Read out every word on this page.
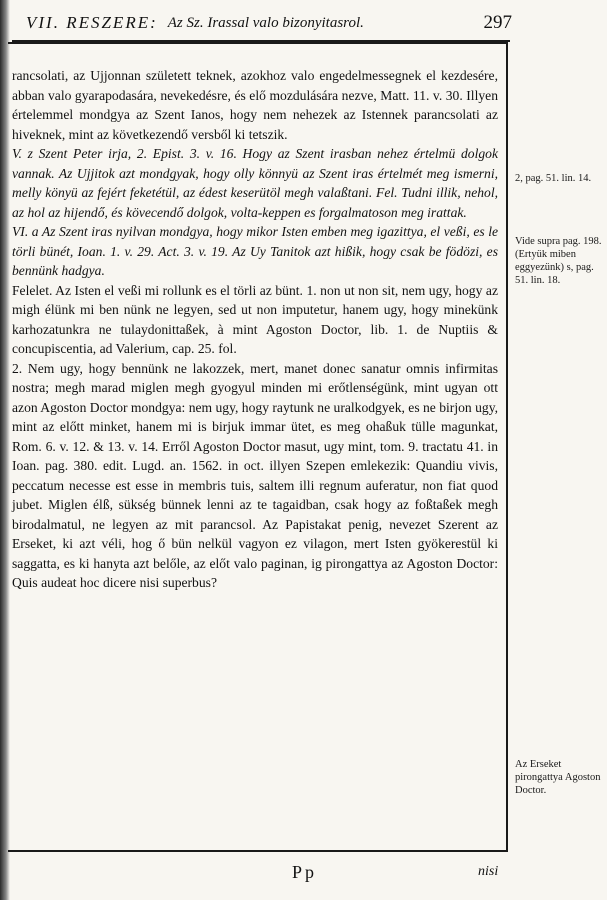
VII. RESZERE: Az Sz. Irassal valo bizonyitasrol.	297

rancsolati, az Ujjonnan született teknek, azokhoz valo engedelmessegnek el kezdesére, abban valo gyarapodasára, nevekedésre, és elő mozdulására nezve, Matt. 11. v. 30. Illyen értelemmel mondgya az Szent Ianos, hogy nem nehezek az Istennek parancsolati az hiveknek, mint az következendő versből ki tetszik.

V. z Szent Peter irja, 2. Epist. 3. v. 16. Hogy az Szent irasban nehez értelmü dolgok vannak. Az Ujjitok azt mondgyak, hogy olly könnyü az Szent iras értelmét meg ismerni, melly könyü az fejért feketétül, az édest keserütöl megh valaßtani. Fel. Tudni illik, nehol, az hol az hijendő, és kövecendő dolgok, volta-keppen es forgalmatoson meg irattak.

VI. a Az Szent iras nyilvan mondgya, hogy mikor Isten emben meg igazittya, el veßi, es le törli bünét, Ioan. 1. v. 29. Act. 3. v. 19. Az Uy Tanitok azt hißik, hogy csak be födözi, es bennünk hadgya.

Felelet. Az Isten el veßi mi rollunk es el törli az bünt. 1. non ut non sit, nem ugy, hogy az migh élünk mi ben nünk ne legyen, sed ut non imputetur, hanem ugy, hogy minekünk karhozatunkra ne tulaydonittaßek, à mint Agoston Doctor, lib. 1. de Nuptiis & concupiscentia, ad Valerium, cap. 25. fol.

2. Nem ugy, hogy bennünk ne lakozzek, mert, manet donec sanatur omnis infirmitas nostra; megh marad miglen megh gyogyul minden mi erőtlenségünk, mint ugyan ott azon Agoston Doctor mondgya: nem ugy, hogy raytunk ne uralkodgyek, es ne birjon ugy, mint az előtt minket, hanem mi is birjuk immar ütet, es meg ohaßuk tülle magunkat, Rom. 6. v. 12. & 13. v. 14. Erről Agoston Doctor masut, ugy mint, tom. 9. tractatu 41. in Ioan. pag. 380. edit. Lugd. an. 1562. in oct. illyen Szepen emlekezik: Quandiu vivis, peccatum necesse est esse in membris tuis, saltem illi regnum auferatur, non fiat quod jubet. Miglen élß, sükség bünnek lenni az te tagaidban, csak hogy az foßtaßek megh birodalmatul, ne legyen az mit parancsol. Az Papistakat penig, nevezet Szerent az Erseket, ki azt véli, hog ő bün nelkül vagyon ez vilagon, mert Isten gyökerestül ki saggatta, es ki hanyta azt belőle, az előt valo paginan, ig pirongattya az Agoston Doctor: Quis audeat hoc dicere nisi superbus?

2, pag. 51. lin. 14.

Vide supra pag. 198. (Ertyük miben eggyezünk) s, pag. 51. lin. 18.

Az Erseket pirongattya Agoston Doctor.

Pp	nisi
